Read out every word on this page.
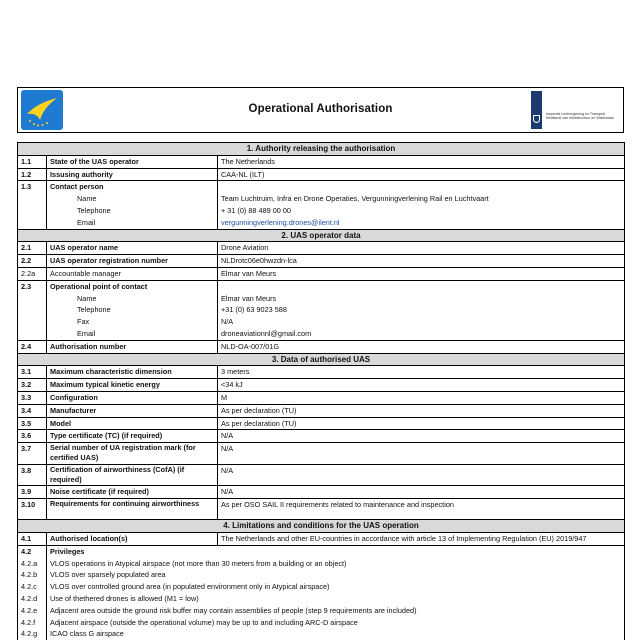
Operational Authorisation	Inspectie Leefomgeving en Transport
Ministerie van Infrastructuur en Waterstaat
1. Authority releasing the authorisation		
1.1	State of the UAS operator	The Netherlands
1.2	Issusing authority	CAA-NL (ILT)
1.3	Contact person	
	Name	Team Luchtruim, Infra en Drone Operaties, Vergunningverlening Rail en Luchtvaart
	Telephone	+ 31 (0) 88 489 00 00
	Email	vergunningverlening.drones@ilent.nl
2. UAS operator data		
2.1	UAS operator name	Drone Aviation
2.2	UAS operator registration number	NLDrotc06e0hwzdn-lca
2.2a	Accountable manager	Elmar van Meurs
2.3	Operational point of contact	
	Name	Elmar van Meurs
	Telephone	+31 (0) 63 9023 588
	Fax	N/A
	Email	droneaviationnl@gmail.com
2.4	Authorisation number	NLD-OA-007/01G
3. Data of authorised UAS		
3.1	Maximum characteristic dimension	3 meters
3.2	Maximum typical kinetic energy	<34 kJ
3.3	Configuration	M
3.4	Manufacturer	As per declaration (TU)
3.5	Model	As per declaration (TU)
3.6	Type certificate (TC) (if required)	N/A
3.7	Serial number of UA registration mark (for certified UAS)	N/A
3.8	Certification of airworthiness (CofA) (if required)	N/A
3.9	Noise certificate (if required)	N/A
3.10	Requirements for continuing airworthiness	As per OSO SAIL II requirements related to maintenance and inspection
4. Limitations and conditions for the UAS operation		
4.1	Authorised location(s)	The Netherlands and other EU-countries in accordance with article 13 of Implementing Regulation (EU) 2019/947
4.2	Privileges	
4.2.a	VLOS operations in Atypical airspace (not more than 30 meters from a building or an object)	
4.2.b	VLOS over sparsely populated area	
4.2.c	VLOS over controlled ground area (in populated environment only in Atypical airspace)	
4.2.d	Use of thethered drones is allowed (M1 = low)	
4.2.e	Adjacent area outside the ground risk buffer may contain assemblies of people (step 9 requirements are included)	
4.2.f	Adjacent airspace (outside the operational volume) may be up to and including ARC-D airspace	
4.2.g	ICAO class G airspace	
